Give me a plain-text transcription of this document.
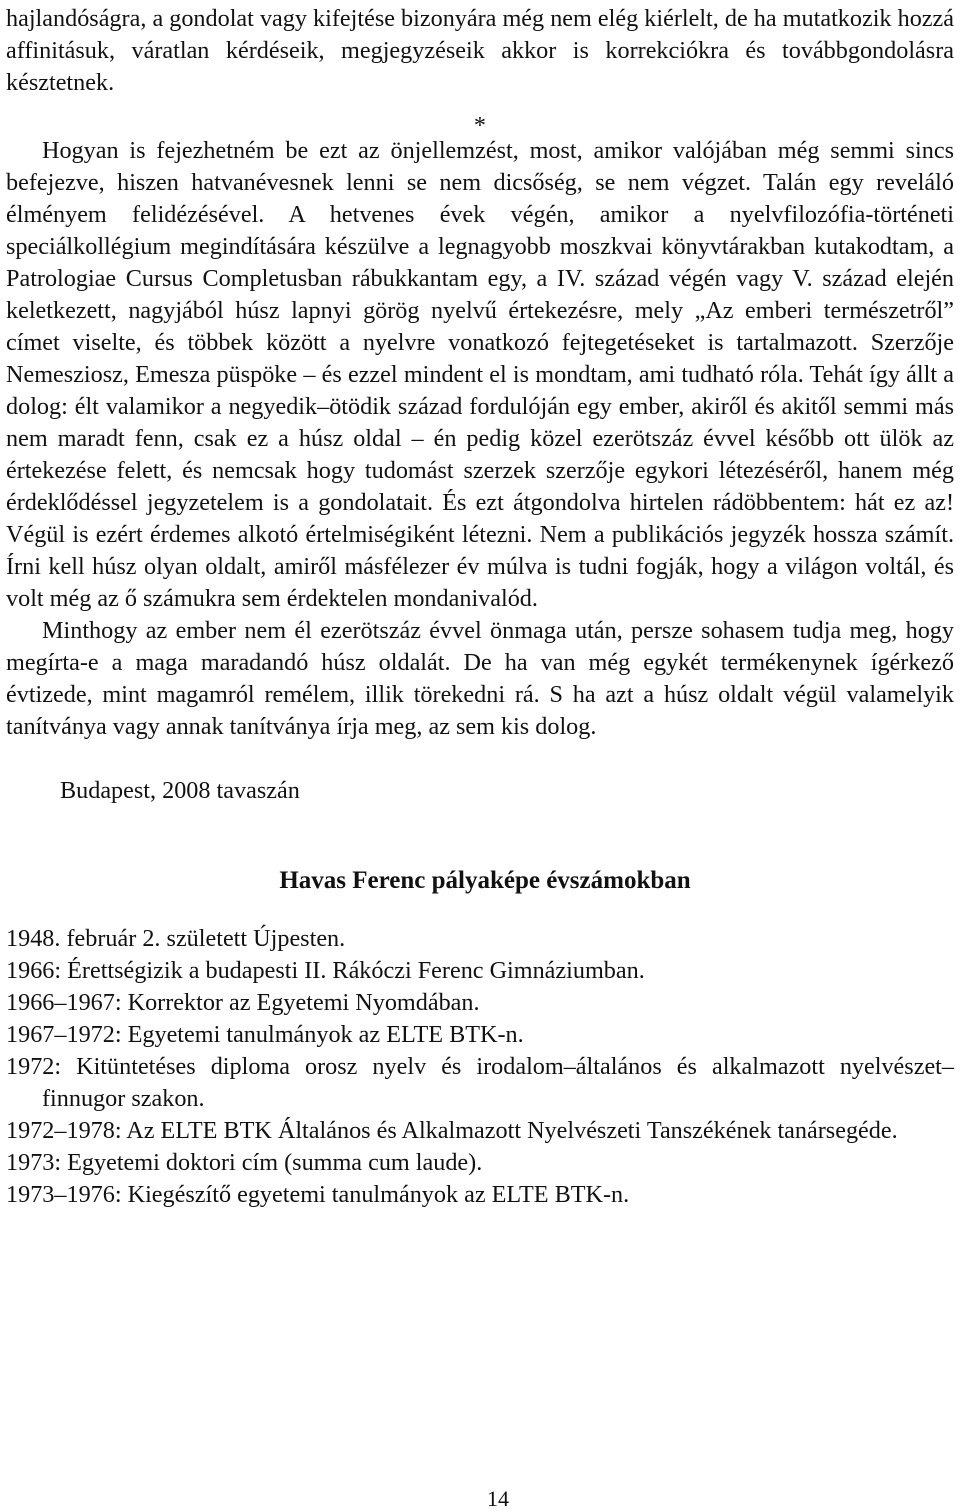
hajlandóságra, a gondolat vagy kifejtése bizonyára még nem elég kiérlelt, de ha mutatkozik hozzá affinitásuk, váratlan kérdéseik, megjegyzéseik akkor is korrekciókra és továbbgondolásra késztetnek.

*

Hogyan is fejezhetném be ezt az önjellemzést, most, amikor valójában még semmi sincs befejezve, hiszen hatvanévesnek lenni se nem dicsőség, se nem végzet. Talán egy reveláló élményem felidézésével. A hetvenes évek végén, amikor a nyelvfilozófia-történeti speciálkollégium megindítására készülve a legnagyobb moszkvai könyvtárakban kutakodtam, a Patrologiae Cursus Completusban rábukkantam egy, a IV. század végén vagy V. század elején keletkezett, nagyjából húsz lapnyi görög nyelvű értekezésre, mely „Az emberi természetről” címet viselte, és többek között a nyelvre vonatkozó fejtegetéseket is tartalmazott. Szerzője Nemesziosz, Emesza püspöke – és ezzel mindent el is mondtam, ami tudható róla. Tehát így állt a dolog: élt valamikor a negyedik–ötödik század fordulóján egy ember, akiről és akitől semmi más nem maradt fenn, csak ez a húsz oldal – én pedig közel ezerötszáz évvel később ott ülök az értekezése felett, és nemcsak hogy tudomást szerzek szerzője egykori létezéséről, hanem még érdeklődéssel jegyzetelem is a gondolatait. És ezt átgondolva hirtelen rádöbbentem: hát ez az! Végül is ezért érdemes alkotó értelmiségiként létezni. Nem a publikációs jegyzék hossza számít. Írni kell húsz olyan oldalt, amiről másfélezer év múlva is tudni fogják, hogy a világon voltál, és volt még az ő számukra sem érdektelen mondanivalód.

Minthogy az ember nem él ezerötszáz évvel önmaga után, persze sohasem tudja meg, hogy megírta-e a maga maradandó húsz oldalát. De ha van még egykét termékenynek ígérkező évtizede, mint magamról remélem, illik törekedni rá. S ha azt a húsz oldalt végül valamelyik tanítványa vagy annak tanítványa írja meg, az sem kis dolog.

Budapest, 2008 tavaszán
Havas Ferenc pályaképe évszámokban

1948. február 2. született Újpesten.

1966: Érettségizik a budapesti II. Rákóczi Ferenc Gimnáziumban.

1966–1967: Korrektor az Egyetemi Nyomdában.

1967–1972: Egyetemi tanulmányok az ELTE BTK-n.

1972: Kitüntetéses diploma orosz nyelv és irodalom–általános és alkalmazott nyelvészet–finnugor szakon.

1972–1978: Az ELTE BTK Általános és Alkalmazott Nyelvészeti Tanszékének tanársegéde.

1973: Egyetemi doktori cím (summa cum laude).

1973–1976: Kiegészítő egyetemi tanulmányok az ELTE BTK-n.

14
